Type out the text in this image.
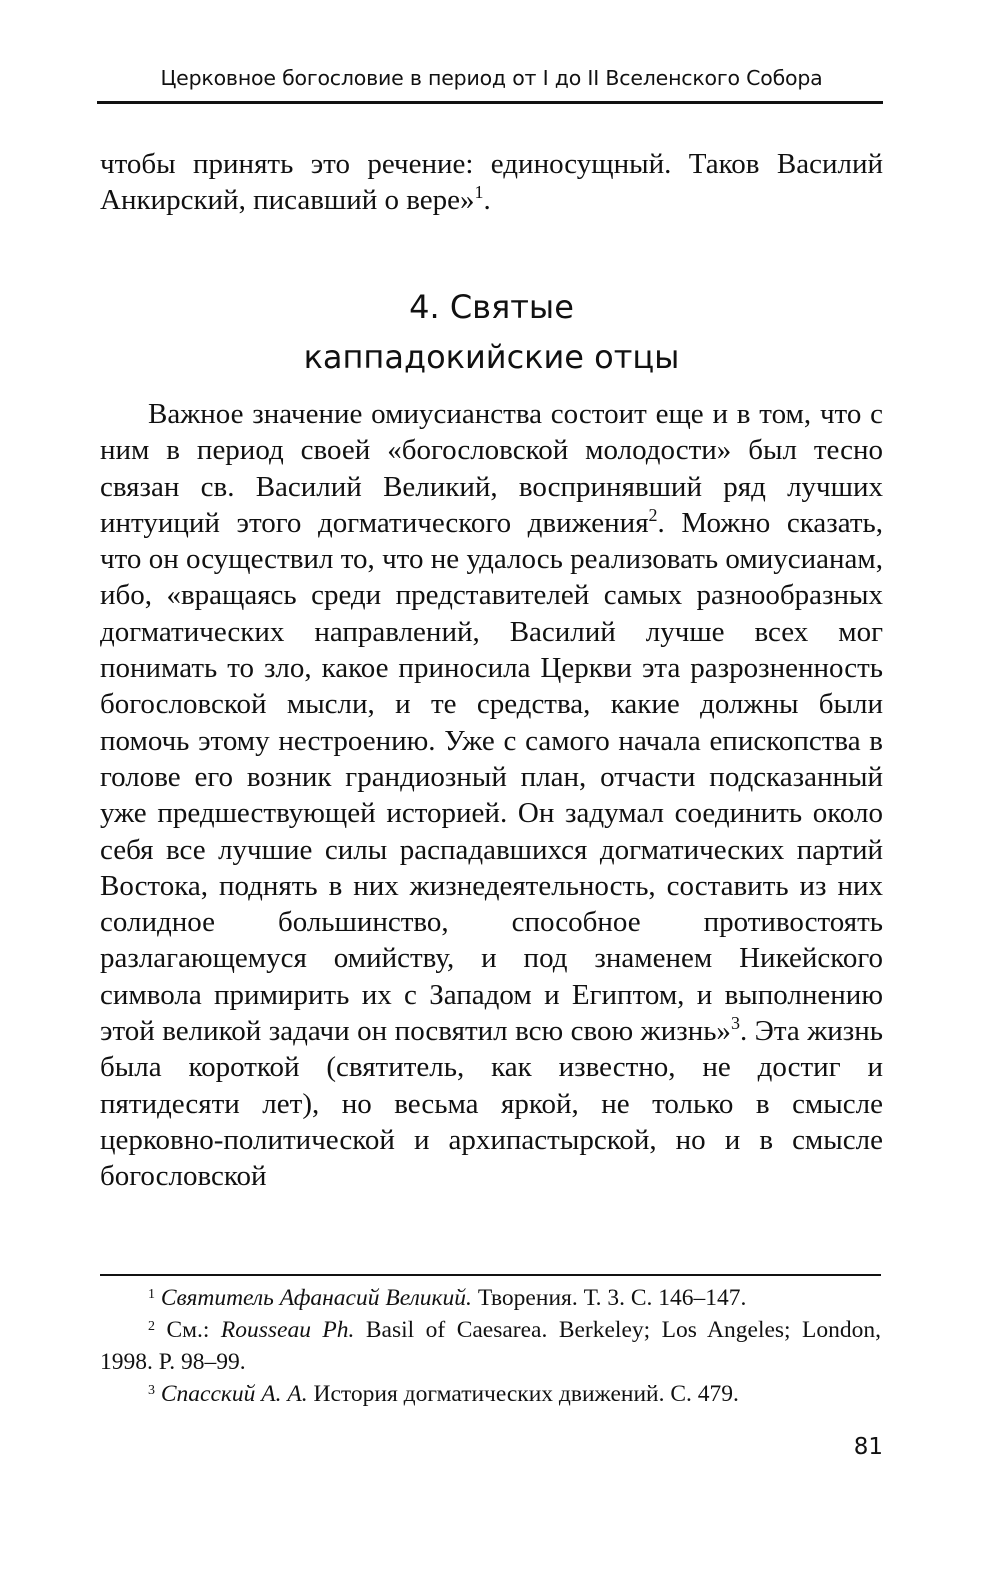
Церковное богословие в период от I до II Вселенского Собора

чтобы принять это речение: единосущный. Таков Василий Анкирский, писавший о вере»$^1$.

4. Святые
каппадокийские отцы

Важное значение омиусианства состоит еще и в том, что с ним в период своей «богословской молодости» был тесно связан св. Василий Великий, воспринявший ряд лучших интуиций этого догматического движения$^2$. Можно сказать, что он осуществил то, что не удалось реализовать омиусианам, ибо, «вращаясь среди представителей самых разнообразных догматических направлений, Василий лучше всех мог понимать то зло, какое приносила Церкви эта разрозненность богословской мысли, и те средства, какие должны были помочь этому нестроению. Уже с самого начала епископства в голове его возник грандиозный план, отчасти подсказанный уже предшествующей историей. Он задумал соединить около себя все лучшие силы распадавшихся догматических партий Востока, поднять в них жизнедеятельность, составить из них солидное большинство, способное противостоять разлагающемуся омийству, и под знаменем Никейского символа примирить их с Западом и Египтом, и выполнению этой великой задачи он посвятил всю свою жизнь»$^3$. Эта жизнь была короткой (святитель, как известно, не достиг и пятидесяти лет), но весьма яркой, не только в смысле церковно-политической и архипастырской, но и в смысле богословской

$^1$ Святитель Афанасий Великий. Творения. Т. 3. С. 146–147.

$^2$ См.: Rousseau Ph. Basil of Caesarea. Berkeley; Los Angeles; London, 1998. P. 98–99.

$^3$ Спасский А. А. История догматических движений. С. 479.

81
